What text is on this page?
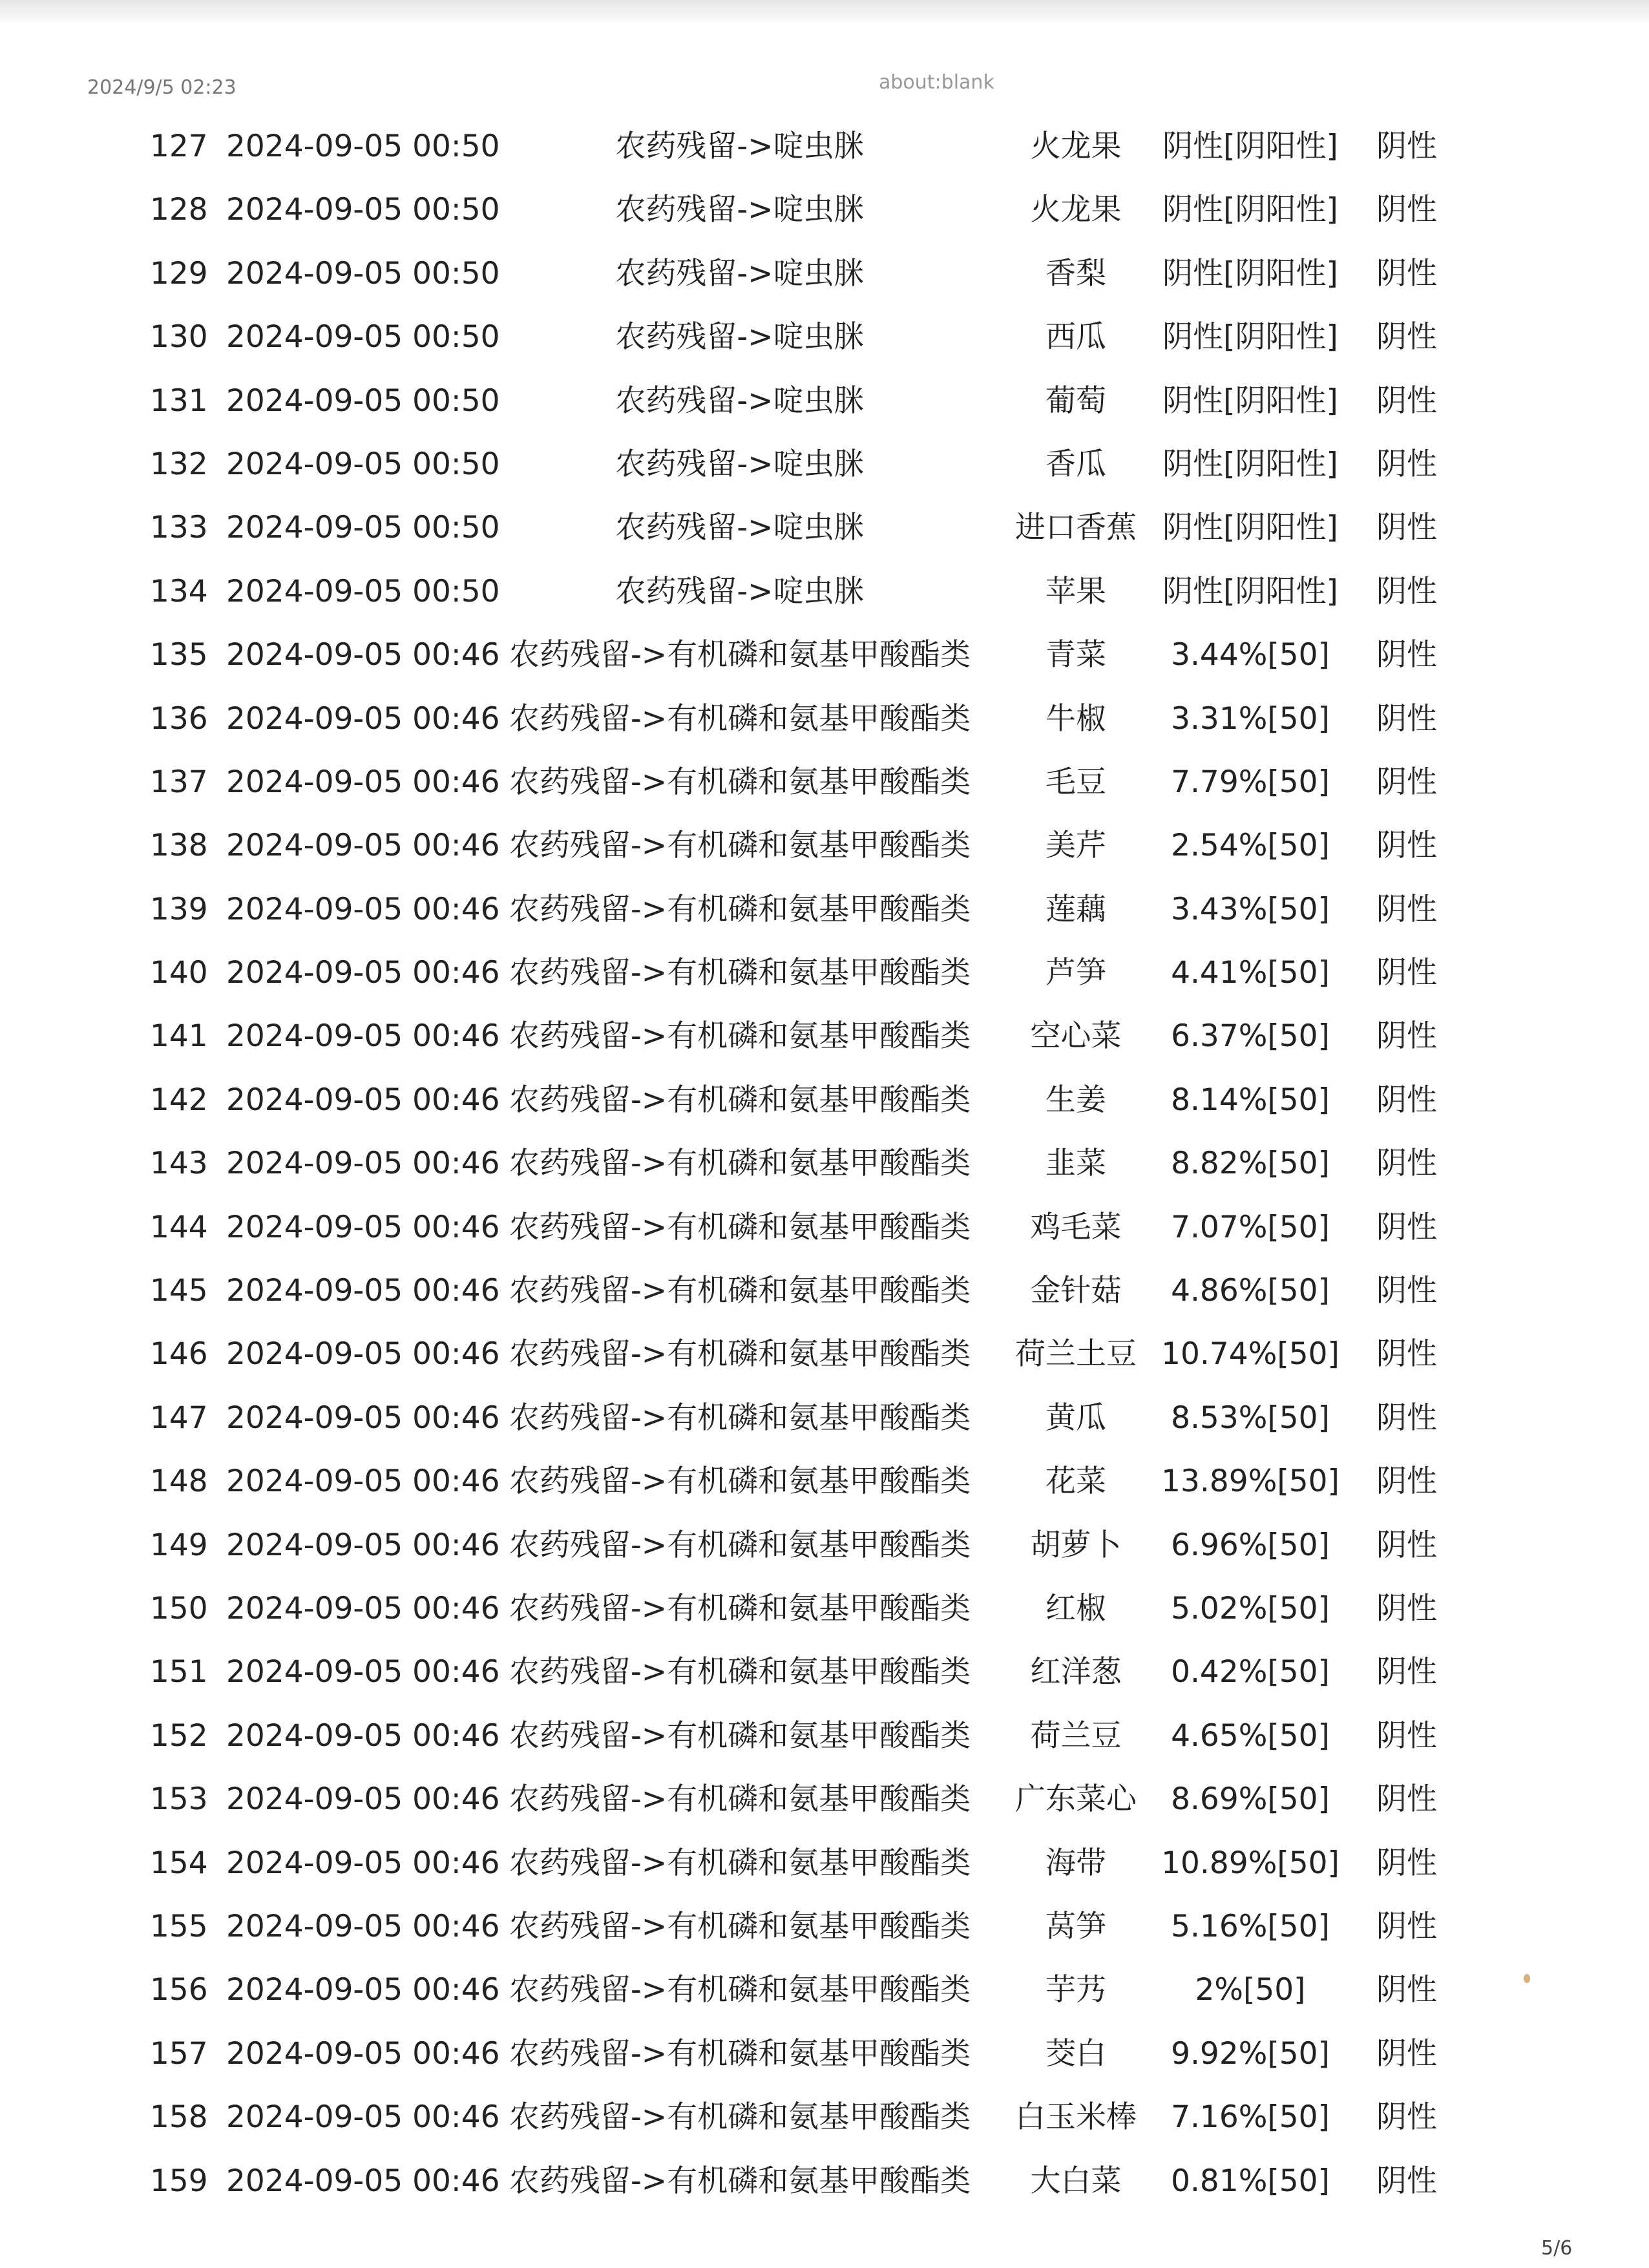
2024/9/5 02:23	about:blank
127 2024-09-05 00:50	农药残留->啶虫脒	火龙果	阴性[阴阳性] 阴性
128 2024-09-05 00:50	农药残留->啶虫脒	火龙果	阴性[阴阳性] 阴性
129 2024-09-05 00:50	农药残留->啶虫脒	香梨	阴性[阴阳性] 阴性
130 2024-09-05 00:50	农药残留->啶虫脒	西瓜	阴性[阴阳性] 阴性
131 2024-09-05 00:50	农药残留->啶虫脒	葡萄	阴性[阴阳性] 阴性
132 2024-09-05 00:50	农药残留->啶虫脒	香瓜	阴性[阴阳性] 阴性
133 2024-09-05 00:50	农药残留->啶虫脒	进口香蕉 阴性[阴阳性] 阴性
134 2024-09-05 00:50	农药残留->啶虫脒	苹果	阴性[阴阳性] 阴性
135 2024-09-05 00:46 农药残留->有机磷和氨基甲酸酯类	青菜	3.44%[50]	阴性
136 2024-09-05 00:46 农药残留->有机磷和氨基甲酸酯类	牛椒	3.31%[50]	阴性
137 2024-09-05 00:46 农药残留->有机磷和氨基甲酸酯类	毛豆	7.79%[50]	阴性
138 2024-09-05 00:46 农药残留->有机磷和氨基甲酸酯类	美芹	2.54%[50]	阴性
139 2024-09-05 00:46 农药残留->有机磷和氨基甲酸酯类	莲藕	3.43%[50]	阴性
140 2024-09-05 00:46 农药残留->有机磷和氨基甲酸酯类	芦笋	4.41%[50]	阴性
141 2024-09-05 00:46 农药残留->有机磷和氨基甲酸酯类	空心菜	6.37%[50]	阴性
142 2024-09-05 00:46 农药残留->有机磷和氨基甲酸酯类	生姜	8.14%[50]	阴性
143 2024-09-05 00:46 农药残留->有机磷和氨基甲酸酯类	韭菜	8.82%[50]	阴性
144 2024-09-05 00:46 农药残留->有机磷和氨基甲酸酯类	鸡毛菜	7.07%[50]	阴性
145 2024-09-05 00:46 农药残留->有机磷和氨基甲酸酯类	金针菇	4.86%[50]	阴性
146 2024-09-05 00:46 农药残留->有机磷和氨基甲酸酯类	荷兰土豆 10.74%[50] 阴性
147 2024-09-05 00:46 农药残留->有机磷和氨基甲酸酯类	黄瓜	8.53%[50]	阴性
148 2024-09-05 00:46 农药残留->有机磷和氨基甲酸酯类	花菜	13.89%[50] 阴性
149 2024-09-05 00:46 农药残留->有机磷和氨基甲酸酯类	胡萝卜	6.96%[50]	阴性
150 2024-09-05 00:46 农药残留->有机磷和氨基甲酸酯类	红椒	5.02%[50]	阴性
151 2024-09-05 00:46 农药残留->有机磷和氨基甲酸酯类	红洋葱	0.42%[50]	阴性
152 2024-09-05 00:46 农药残留->有机磷和氨基甲酸酯类	荷兰豆	4.65%[50]	阴性
153 2024-09-05 00:46 农药残留->有机磷和氨基甲酸酯类	广东菜心	8.69%[50]	阴性
154 2024-09-05 00:46 农药残留->有机磷和氨基甲酸酯类	海带	10.89%[50] 阴性
155 2024-09-05 00:46 农药残留->有机磷和氨基甲酸酯类	莴笋	5.16%[50]	阴性
156 2024-09-05 00:46 农药残留->有机磷和氨基甲酸酯类	芋艿	2%[50]	阴性
157 2024-09-05 00:46 农药残留->有机磷和氨基甲酸酯类	茭白	9.92%[50]	阴性
158 2024-09-05 00:46 农药残留->有机磷和氨基甲酸酯类	白玉米棒	7.16%[50]	阴性
159 2024-09-05 00:46 农药残留->有机磷和氨基甲酸酯类	大白菜	0.81%[50]	阴性
5/6
